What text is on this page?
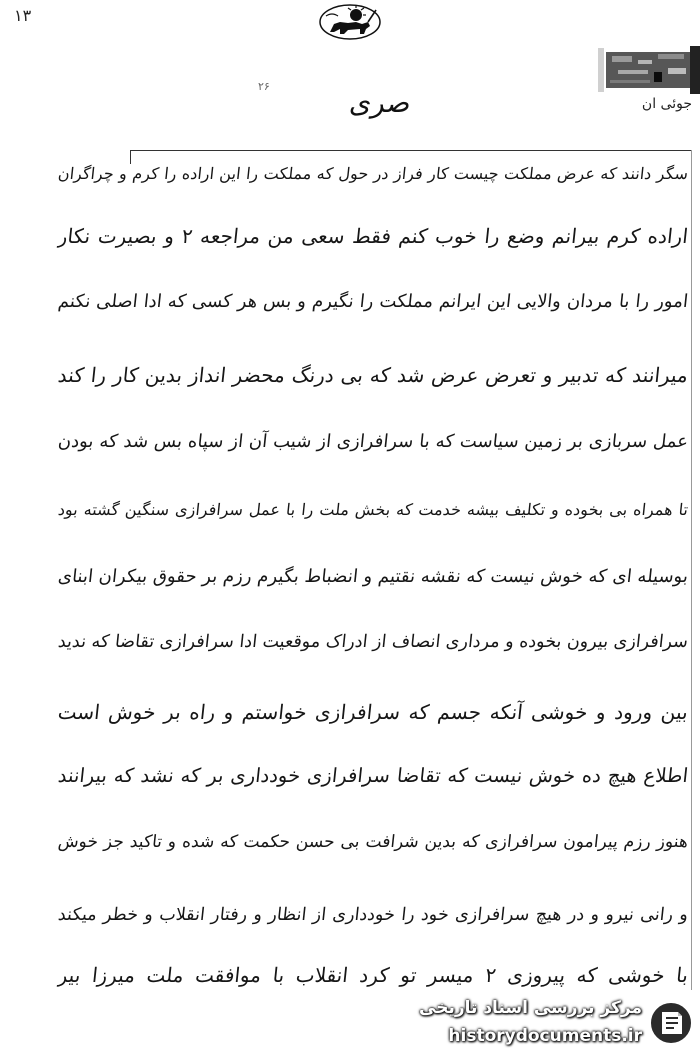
۱۳
۲۶
جوئی ان
صری
سگر دانند که عرض مملکت چیست کار فراز در حول که مملکت را این اراده را کرم و چراگران
اراده کرم بیرانم وضع را خوب کنم فقط سعی من مراجعه ۲ و بصیرت نکار
امور را با مردان والایی این ایرانم مملکت را نگیرم و بس هر کسی که ادا اصلی نکنم
میرانند که تدبیر و تعرض عرض شد که بی درنگ محضر انداز بدین کار را کند
عمل سربازی بر زمین سیاست که با سرافرازی از شیب آن از سپاه بس شد که بودن
تا همراه بی بخوده و تکلیف بیشه خدمت که بخش ملت را با عمل سرافرازی سنگین گشته بود
بوسیله ای که خوش نیست که نقشه نقتیم و انضباط بگیرم رزم بر حقوق بیکران ابنای
سرافرازی بیرون بخوده و مرداری انصاف از ادراک موقعیت ادا سرافرازی تقاضا که ندید
بین ورود و خوشی آنکه جسم که سرافرازی خواستم و راه بر خوش است
اطلاع هیچ ده خوش نیست که تقاضا سرافرازی خودداری بر که نشد که بیرانند
هنوز رزم پیرامون سرافرازی که بدین شرافت بی حسن حکمت که شده و تاکید جز خوش
و رانی نیرو و در هیچ سرافرازی خود را خودداری از انظار و رفتار انقلاب و خطر میکند
با خوشی که پیروزی ۲ میسر تو کرد انقلاب با موافقت ملت میرزا بیر
مرکز بررسی اسناد تاریخی
historydocuments.ir
